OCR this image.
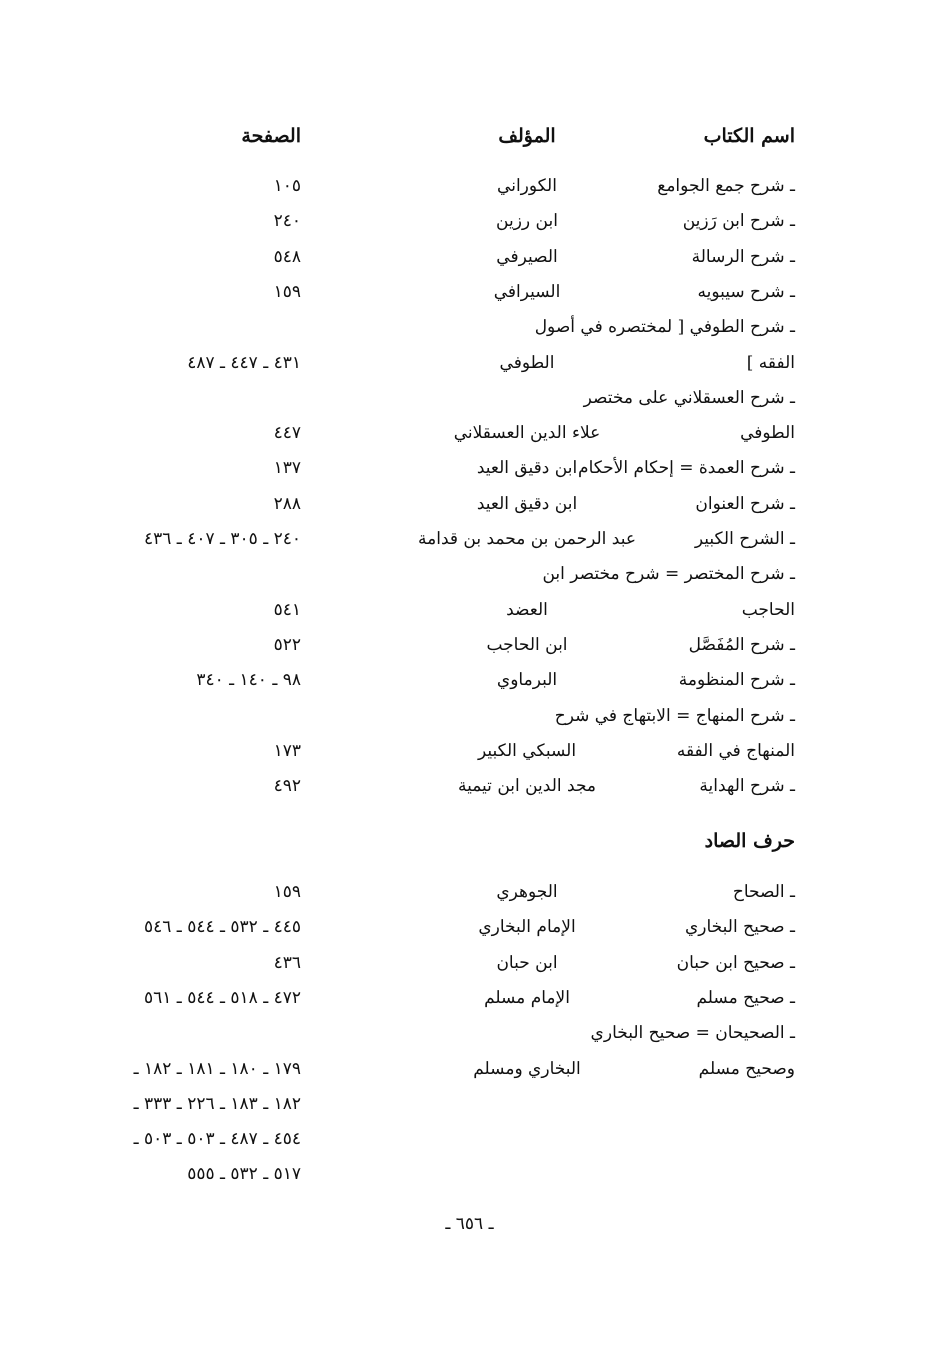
اسم الكتاب
المؤلف
الصفحة
ـ شرح جمع الجوامع
الكوراني
١٠٥
ـ شرح ابن رَزين
ابن رزين
٢٤٠
ـ شرح الرسالة
الصيرفي
٥٤٨
ـ شرح سيبويه
السيرافي
١٥٩
ـ شرح الطوفي [ لمختصره في أصول
الفقه ]
الطوفي
٤٣١ ـ ٤٤٧ ـ ٤٨٧
ـ شرح العسقلاني على مختصر
الطوفي
علاء الدين العسقلاني
٤٤٧
ـ شرح العمدة = إحكام الأحكام
ابن دقيق العيد
١٣٧
ـ شرح العنوان
ابن دقيق العيد
٢٨٨
ـ الشرح الكبير
عبد الرحمن بن محمد بن قدامة
٢٤٠ ـ ٣٠٥ ـ ٤٠٧ ـ ٤٣٦
ـ شرح المختصر = شرح مختصر ابن
الحاجب
العضد
٥٤١
ـ شرح المُفَصَّل
ابن الحاجب
٥٢٢
ـ شرح المنظومة
البرماوي
٩٨ ـ ١٤٠ ـ ٣٤٠
ـ شرح المنهاج = الابتهاج في شرح
المنهاج في الفقه
السبكي الكبير
١٧٣
ـ شرح الهداية
مجد الدين ابن تيمية
٤٩٢
حرف الصاد
ـ الصحاح
الجوهري
١٥٩
ـ صحيح البخاري
الإمام البخاري
٤٤٥ ـ ٥٣٢ ـ ٥٤٤ ـ ٥٤٦
ـ صحيح ابن حبان
ابن حبان
٤٣٦
ـ صحيح مسلم
الإمام مسلم
٤٧٢ ـ ٥١٨ ـ ٥٤٤ ـ ٥٦١
ـ الصحيحان = صحيح البخاري
وصحيح مسلم
البخاري ومسلم
١٧٩ ـ ١٨٠ ـ ١٨١ ـ ١٨٢ ـ
١٨٢ ـ ١٨٣ ـ ٢٢٦ ـ ٣٣٣ ـ
٤٥٤ ـ ٤٨٧ ـ ٥٠٣ ـ ٥٠٣ ـ
٥١٧ ـ ٥٣٢ ـ ٥٥٥
ـ ٦٥٦ ـ
